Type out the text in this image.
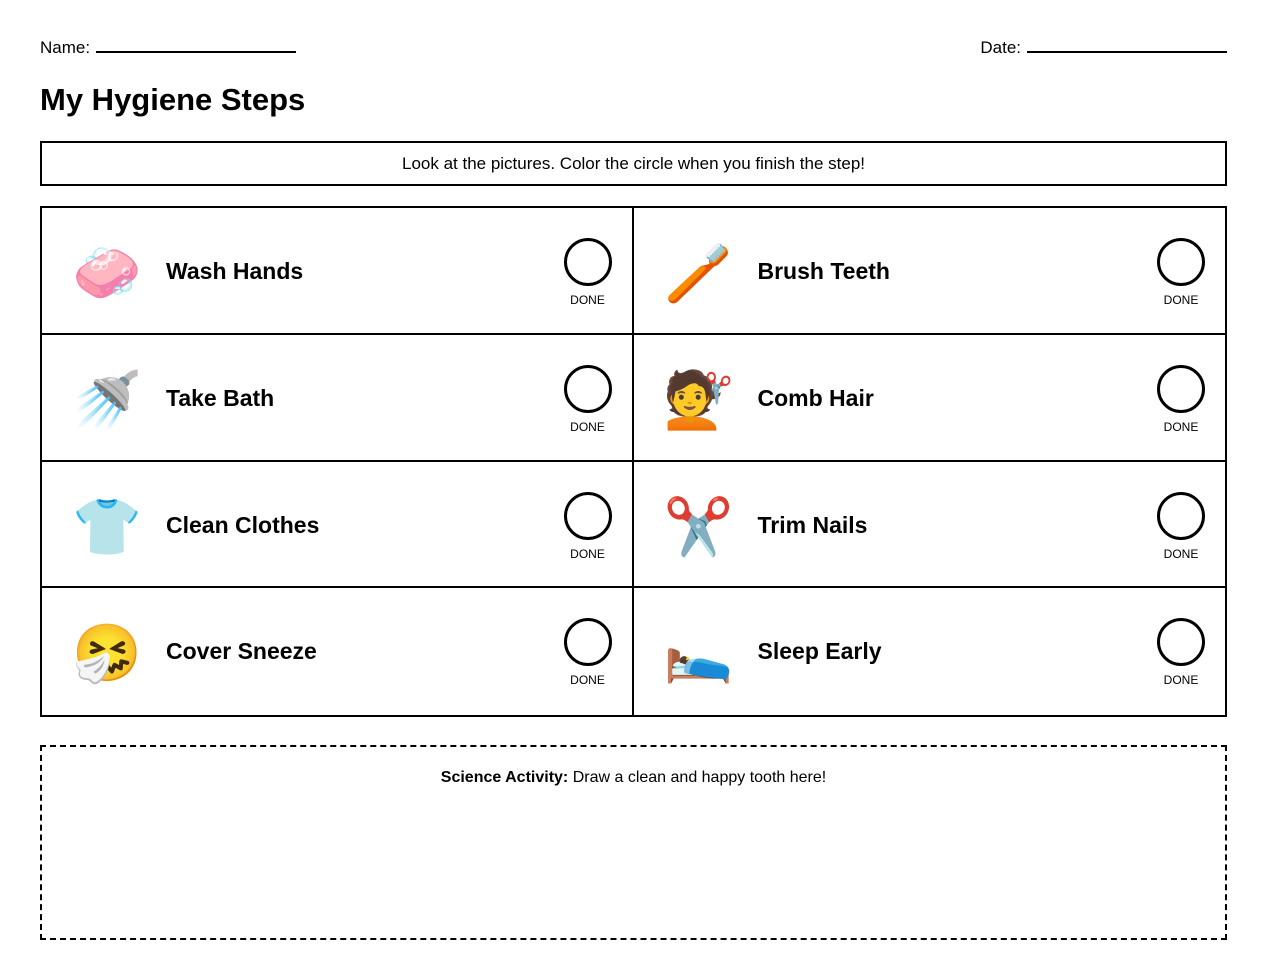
Name:	Date:
My Hygiene Steps
Look at the pictures. Color the circle when you finish the step!
🧼 Wash Hands
DONE 🪥 Brush Teeth
DONE
🚿 Take Bath
DONE 💇 Comb Hair
DONE
👕 Clean Clothes
DONE ✂️ Trim Nails
DONE
🤧 Cover Sneeze
DONE 🛌 Sleep Early
DONE
Science Activity: Draw a clean and happy tooth here!
